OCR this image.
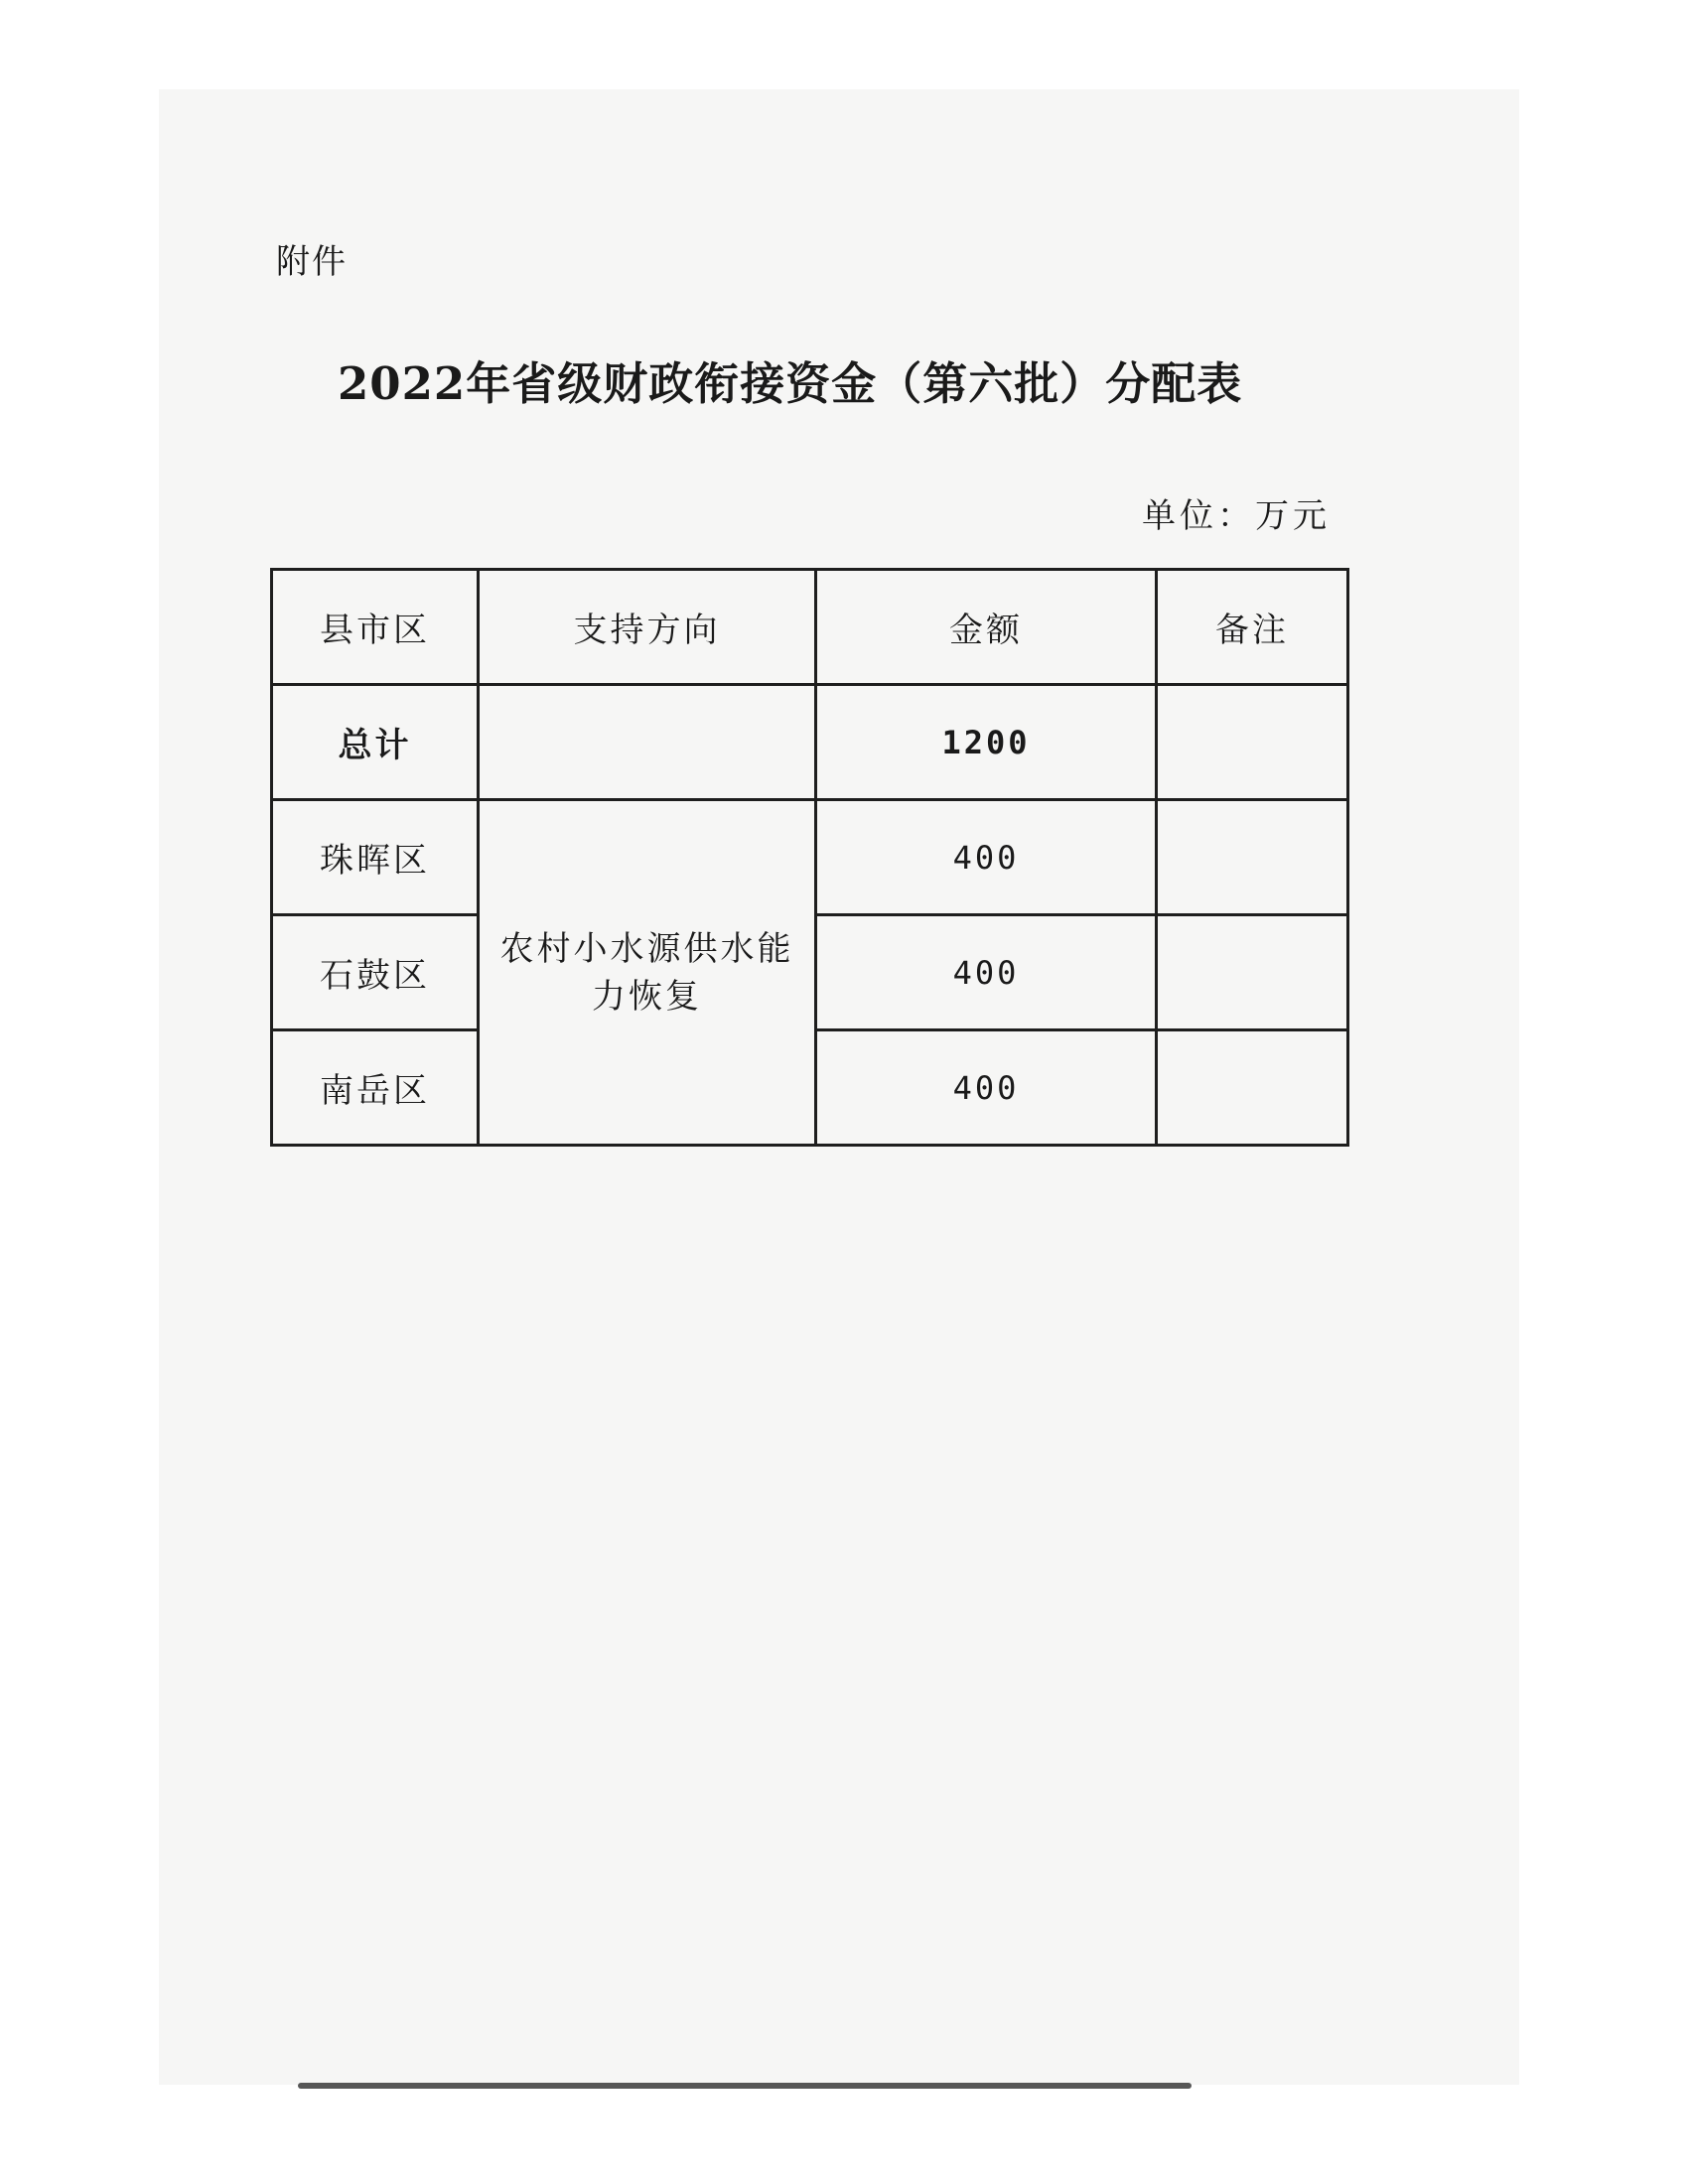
附件
2022年省级财政衔接资金（第六批）分配表
单位：万元
县市区	支持方向	金额	备注
总计		1200	
珠晖区	农村小水源供水能力恢复	400	
石鼓区		400	
南岳区		400	
